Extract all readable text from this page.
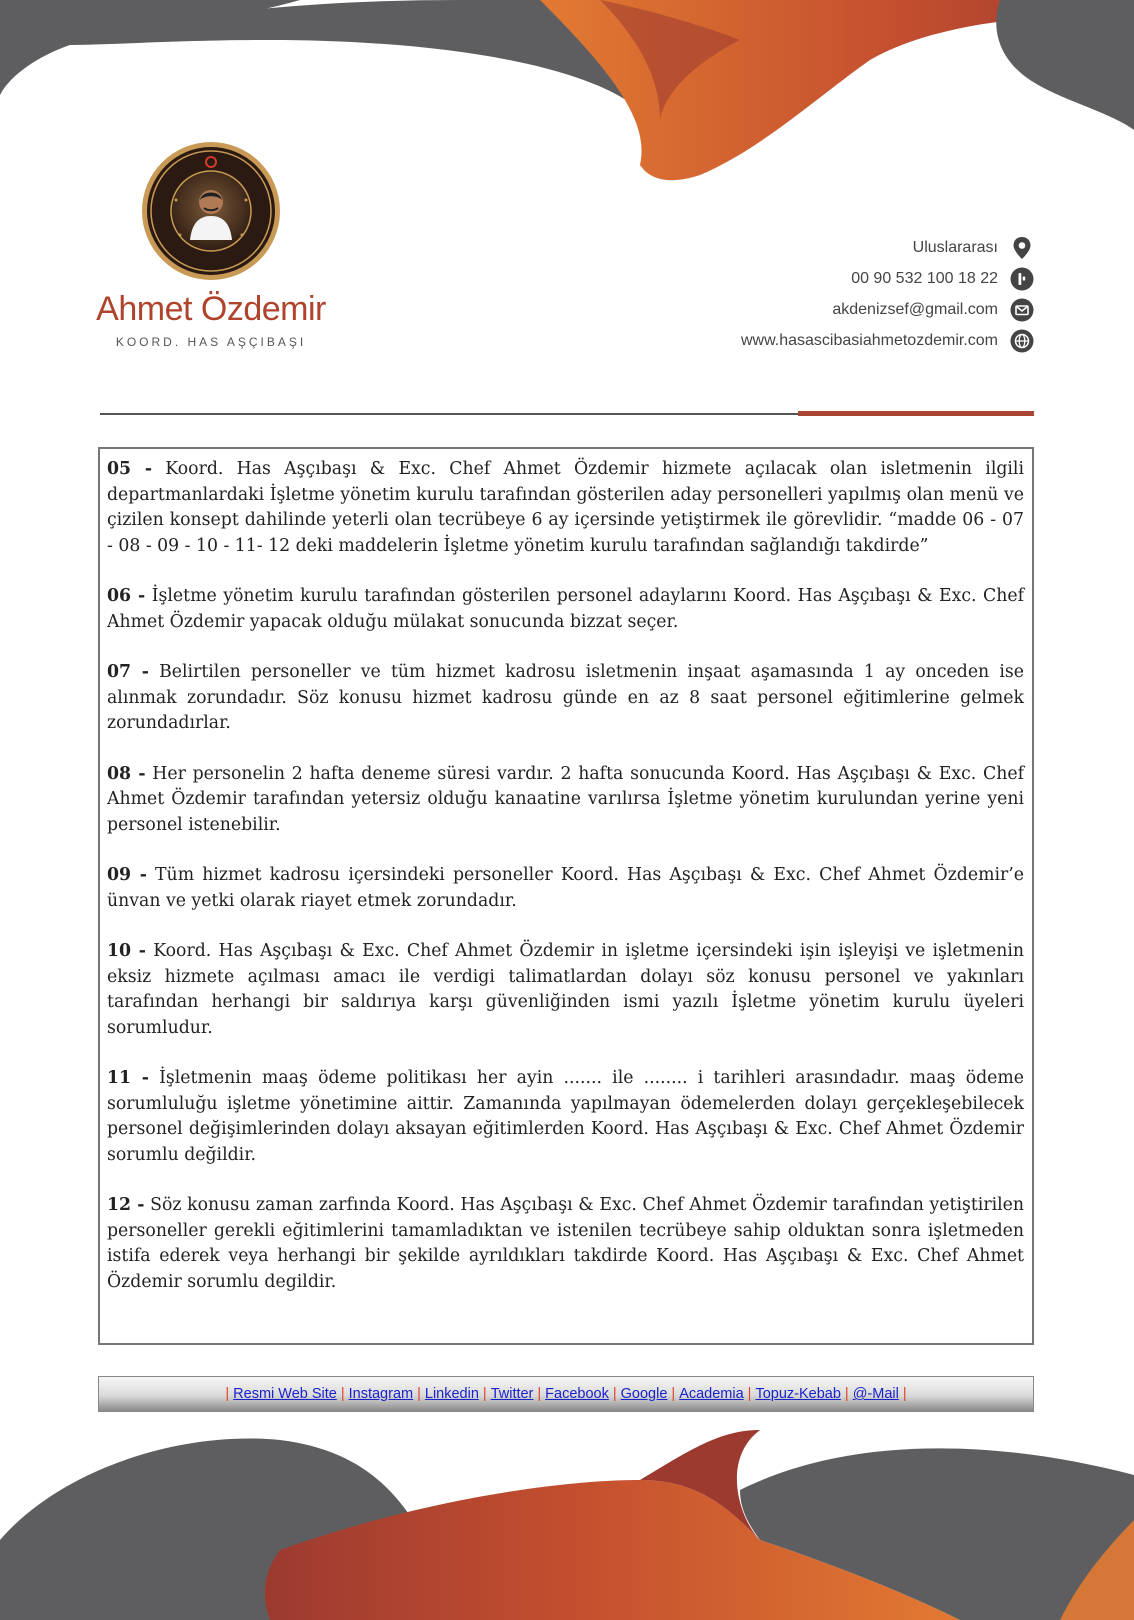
Ahmet Özdemir
KOORD. HAS AŞÇIBAŞI
Uluslararası
00 90 532 100 18 22
akdenizsef@gmail.com
www.hasascibasiahmetozdemir.com

05 - Koord. Has Aşçıbaşı & Exc. Chef Ahmet Özdemir hizmete açılacak olan isletmenin ilgili departmanlardaki İşletme yönetim kurulu tarafından gösterilen aday personelleri yapılmış olan menü ve çizilen konsept dahilinde yeterli olan tecrübeye 6 ay içersinde yetiştirmek ile görevlidir. “madde 06 - 07 - 08 - 09 - 10 - 11- 12 deki maddelerin İşletme yönetim kurulu tarafından sağlandığı takdirde”

06 - İşletme yönetim kurulu tarafından gösterilen personel adaylarını Koord. Has Aşçıbaşı & Exc. Chef Ahmet Özdemir yapacak olduğu mülakat sonucunda bizzat seçer.

07 - Belirtilen personeller ve tüm hizmet kadrosu isletmenin inşaat aşamasında 1 ay onceden ise alınmak zorundadır. Söz konusu hizmet kadrosu günde en az 8 saat personel eğitimlerine gelmek zorundadırlar.

08 - Her personelin 2 hafta deneme süresi vardır. 2 hafta sonucunda Koord. Has Aşçıbaşı & Exc. Chef Ahmet Özdemir tarafından yetersiz olduğu kanaatine varılırsa İşletme yönetim kurulundan yerine yeni personel istenebilir.

09 - Tüm hizmet kadrosu içersindeki personeller Koord. Has Aşçıbaşı & Exc. Chef Ahmet Özdemir’e ünvan ve yetki olarak riayet etmek zorundadır.

10 - Koord. Has Aşçıbaşı & Exc. Chef Ahmet Özdemir in işletme içersindeki işin işleyişi ve işletmenin eksiz hizmete açılması amacı ile verdigi talimatlardan dolayı söz konusu personel ve yakınları tarafından herhangi bir saldırıya karşı güvenliğinden ismi yazılı İşletme yönetim kurulu üyeleri sorumludur.

11 - İşletmenin maaş ödeme politikası her ayin ....... ile ........ i tarihleri arasındadır. maaş ödeme sorumluluğu işletme yönetimine aittir. Zamanında yapılmayan ödemelerden dolayı gerçekleşebilecek personel değişimlerinden dolayı aksayan eğitimlerden Koord. Has Aşçıbaşı & Exc. Chef Ahmet Özdemir sorumlu değildir.

12 - Söz konusu zaman zarfında Koord. Has Aşçıbaşı & Exc. Chef Ahmet Özdemir tarafından yetiştirilen personeller gerekli eğitimlerini tamamladıktan ve istenilen tecrübeye sahip olduktan sonra işletmeden istifa ederek veya herhangi bir şekilde ayrıldıkları takdirde Koord. Has Aşçıbaşı & Exc. Chef Ahmet Özdemir sorumlu degildir.

| Resmi Web Site | Instagram | Linkedin | Twitter | Facebook | Google | Academia | Topuz-Kebab | @-Mail |
